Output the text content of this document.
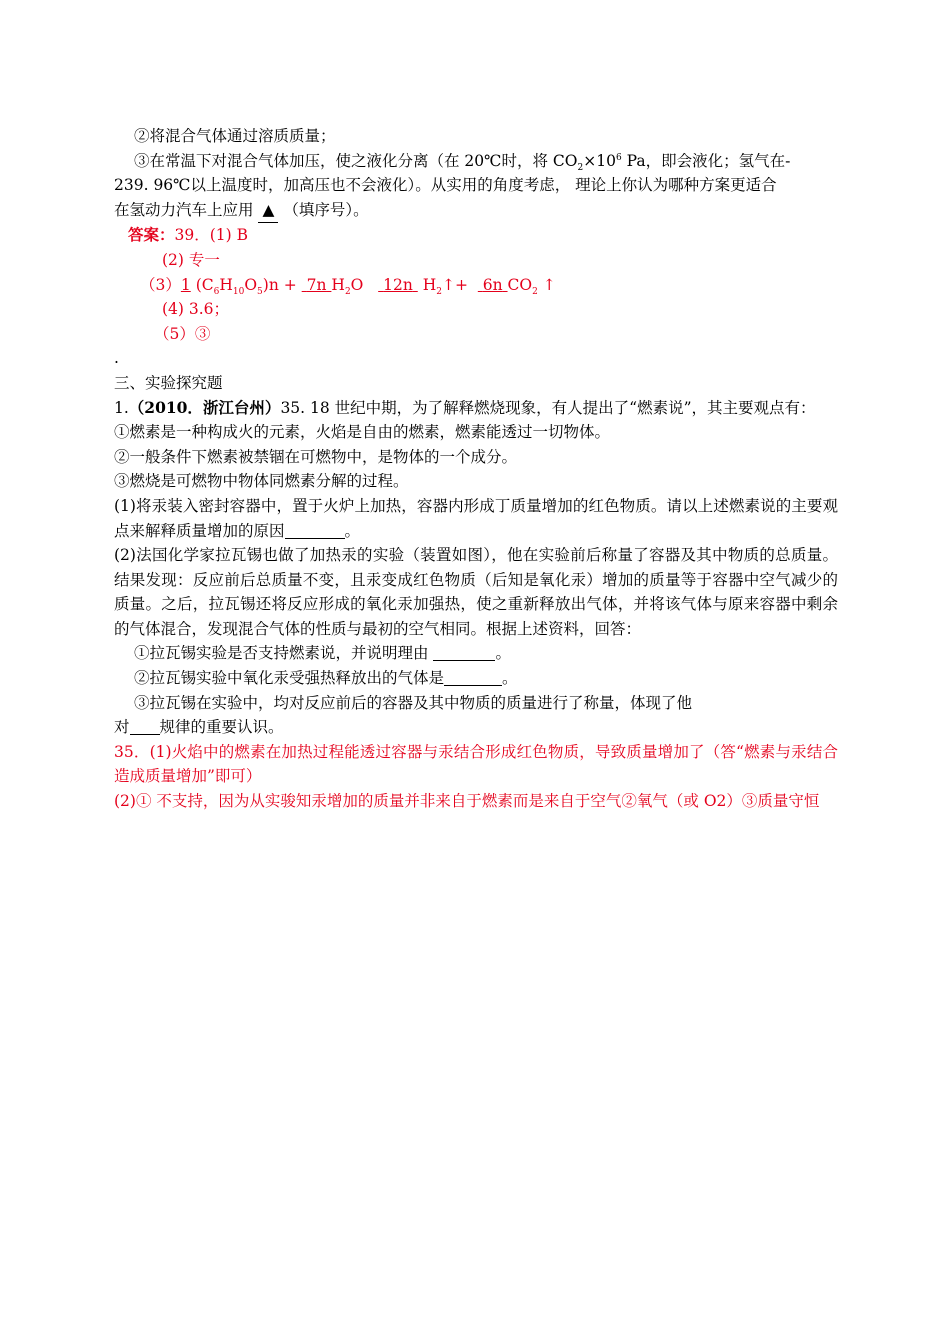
②将混合气体通过溶质质量；
③在常温下对混合气体加压，使之液化分离（在 20℃时，将 $CO_2\times 10^6$ Pa，即会液化；氢气在-
239. 96℃以上温度时，加高压也不会液化）。从实用的角度考虑， 理论上你认为哪种方案更适合
在氢动力汽车上应用 ▲ （填序号）。
答案：39．(1) B
(2) 专一
（3）1 $(C_6H_{10}O_5)n + 7n$ $H_2O$ 12n $H_2↑+ 6n$ $CO_2$ ↑
(4) 3.6；
（5）③
.
三、实验探究题
1.（2010．浙江台州）35. 18 世纪中期，为了解释燃烧现象，有人提出了“燃素说”，其主要观点有：
①燃素是一种构成火的元素，火焰是自由的燃素，燃素能透过一切物体。
②一般条件下燃素被禁锢在可燃物中，是物体的一个成分。
③燃烧是可燃物中物体同燃素分解的过程。
(1)将汞装入密封容器中，置于火炉上加热，容器内形成丁质量增加的红色物质。请以上述燃素说的主要观点来解释质量增加的原因	。
(2)法国化学家拉瓦锡也做了加热汞的实验（装置如图），他在实验前后称量了容器及其中物质的总质量。结果发现：反应前后总质量不变，且汞变成红色物质（后知是氧化汞）增加的质量等于容器中空气减少的质量。之后，拉瓦锡还将反应形成的氧化汞加强热，使之重新释放出气体，并将该气体与原来容器中剩余的气体混合，发现混合气体的性质与最初的空气相同。根据上述资料，回答：
①拉瓦锡实验是否支持燃素说，并说明理由	。
②拉瓦锡实验中氧化汞受强热释放出的气体是	。
③拉瓦锡在实验中，均对反应前后的容器及其中物质的质量进行了称量，体现了他
对 规律的重要认识。
35．(1)火焰中的燃素在加热过程能透过容器与汞结合形成红色物质，导致质量增加了（答“燃素与汞结合造成质量增加”即可）
(2)① 不支持，因为从实骏知汞增加的质量并非来自于燃素而是来自于空气②氧气（或 O2）③质量守恒
